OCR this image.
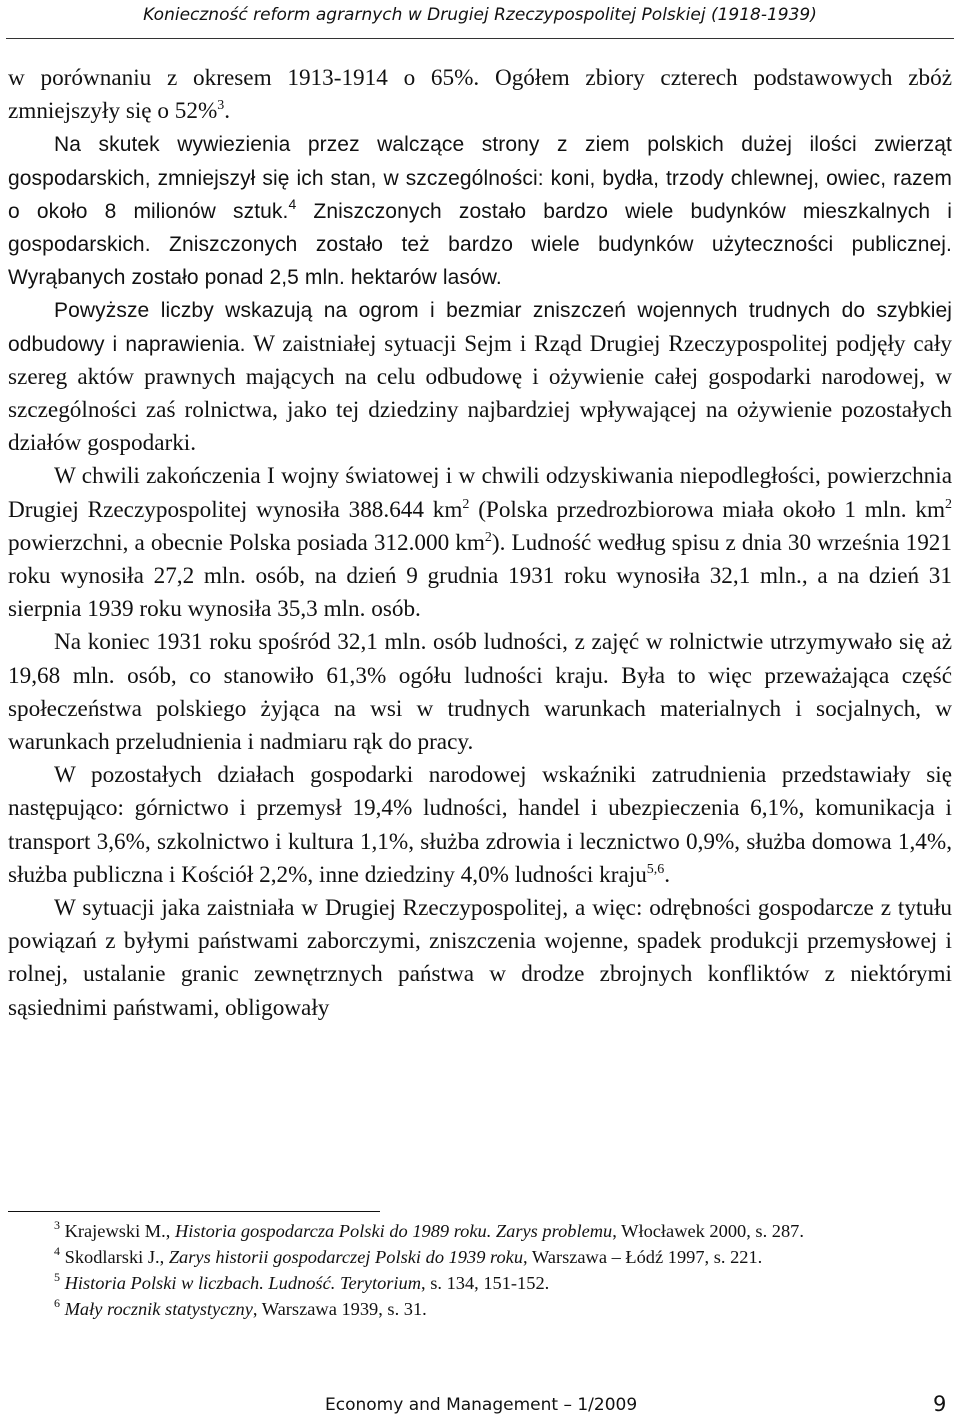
Konieczność reform agrarnych w Drugiej Rzeczypospolitej Polskiej (1918-1939)

w porównaniu z okresem 1913-1914 o 65%. Ogółem zbiory czterech podstawowych zbóż zmniejszyły się o 52%$^3$.

Na skutek wywiezienia przez walczące strony z ziem polskich dużej ilości zwierząt gospodarskich, zmniejszył się ich stan, w szczególności: koni, bydła, trzody chlewnej, owiec, razem o około 8 milionów sztuk.$^4$ Zniszczonych zostało bardzo wiele budynków mieszkalnych i gospodarskich. Zniszczonych zostało też bardzo wiele budynków użyteczności publicznej. Wyrąbanych zostało ponad 2,5 mln. hektarów lasów.

Powyższe liczby wskazują na ogrom i bezmiar zniszczeń wojennych trudnych do szybkiej odbudowy i naprawienia. W zaistniałej sytuacji Sejm i Rząd Drugiej Rzeczypospolitej podjęły cały szereg aktów prawnych mających na celu odbudowę i ożywienie całej gospodarki narodowej, w szczególności zaś rolnictwa, jako tej dziedziny najbardziej wpływającej na ożywienie pozostałych działów gospodarki.

W chwili zakończenia I wojny światowej i w chwili odzyskiwania niepodległości, powierzchnia Drugiej Rzeczypospolitej wynosiła 388.644 $km^2$ (Polska przedrozbiorowa miała około 1 mln. $km^2$ powierzchni, a obecnie Polska posiada 312.000 $km^2$). Ludność według spisu z dnia 30 września 1921 roku wynosiła 27,2 mln. osób, na dzień 9 grudnia 1931 roku wynosiła 32,1 mln., a na dzień 31 sierpnia 1939 roku wynosiła 35,3 mln. osób.

Na koniec 1931 roku spośród 32,1 mln. osób ludności, z zajęć w rolnictwie utrzymywało się aż 19,68 mln. osób, co stanowiło 61,3% ogółu ludności kraju. Była to więc przeważająca część społeczeństwa polskiego żyjąca na wsi w trudnych warunkach materialnych i socjalnych, w warunkach przeludnienia i nadmiaru rąk do pracy.

W pozostałych działach gospodarki narodowej wskaźniki zatrudnienia przedstawiały się następująco: górnictwo i przemysł 19,4% ludności, handel i ubezpieczenia 6,1%, komunikacja i transport 3,6%, szkolnictwo i kultura 1,1%, służba zdrowia i lecznictwo 0,9%, służba domowa 1,4%, służba publiczna i Kościół 2,2%, inne dziedziny 4,0% ludności kraju$^{5,6}$.

W sytuacji jaka zaistniała w Drugiej Rzeczypospolitej, a więc: odrębności gospodarcze z tytułu powiązań z byłymi państwami zaborczymi, zniszczenia wojenne, spadek produkcji przemysłowej i rolnej, ustalanie granic zewnętrznych państwa w drodze zbrojnych konfliktów z niektórymi sąsiednimi państwami, obligowały

$^3$ Krajewski M., Historia gospodarcza Polski do 1989 roku. Zarys problemu, Włocławek 2000, s. 287.

$^4$ Skodlarski J., Zarys historii gospodarczej Polski do 1939 roku, Warszawa – Łódź 1997, s. 221.

$^5$ Historia Polski w liczbach. Ludność. Terytorium, s. 134, 151-152.

$^6$ Mały rocznik statystyczny, Warszawa 1939, s. 31.

Economy and Management – 1/2009	9
